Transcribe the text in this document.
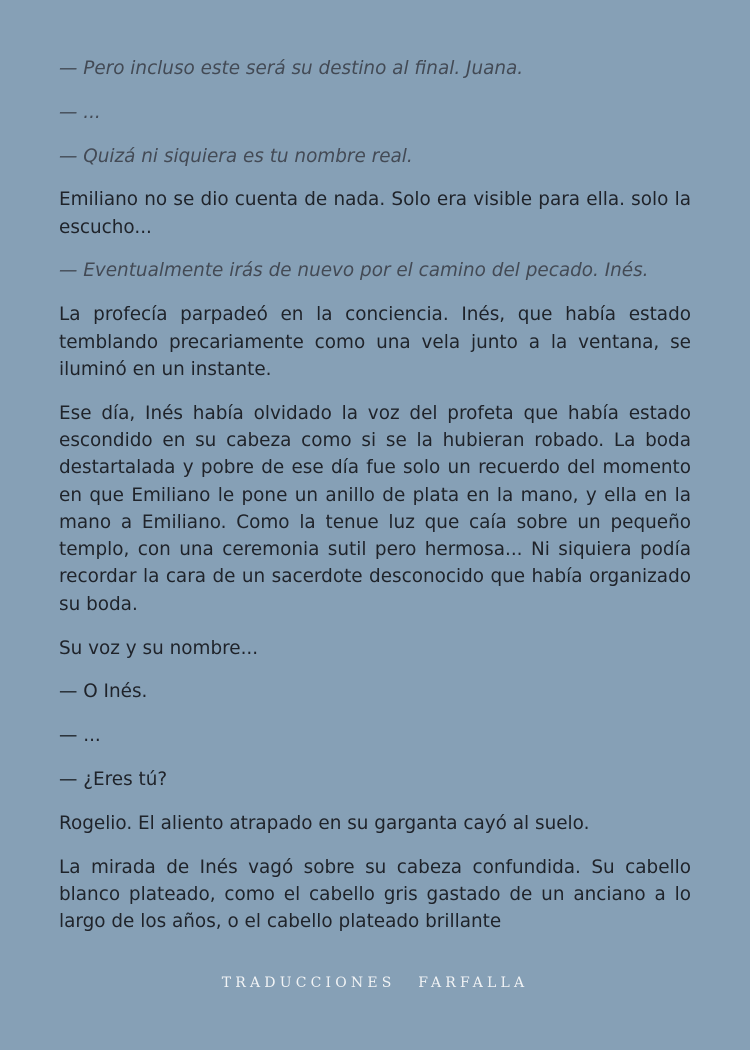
— Pero incluso este será su destino al final. Juana.

— ...

— Quizá ni siquiera es tu nombre real.

Emiliano no se dio cuenta de nada. Solo era visible para ella. solo la escucho...

— Eventualmente irás de nuevo por el camino del pecado. Inés.

La profecía parpadeó en la conciencia. Inés, que había estado temblando precariamente como una vela junto a la ventana, se iluminó en un instante.

Ese día, Inés había olvidado la voz del profeta que había estado escondido en su cabeza como si se la hubieran robado. La boda destartalada y pobre de ese día fue solo un recuerdo del momento en que Emiliano le pone un anillo de plata en la mano, y ella en la mano a Emiliano. Como la tenue luz que caía sobre un pequeño templo, con una ceremonia sutil pero hermosa... Ni siquiera podía recordar la cara de un sacerdote desconocido que había organizado su boda.

Su voz y su nombre...

— O Inés.

— ...

— ¿Eres tú?

Rogelio. El aliento atrapado en su garganta cayó al suelo.

La mirada de Inés vagó sobre su cabeza confundida. Su cabello blanco plateado, como el cabello gris gastado de un anciano a lo largo de los años, o el cabello plateado brillante

TRADUCCIONES FARFALLA
